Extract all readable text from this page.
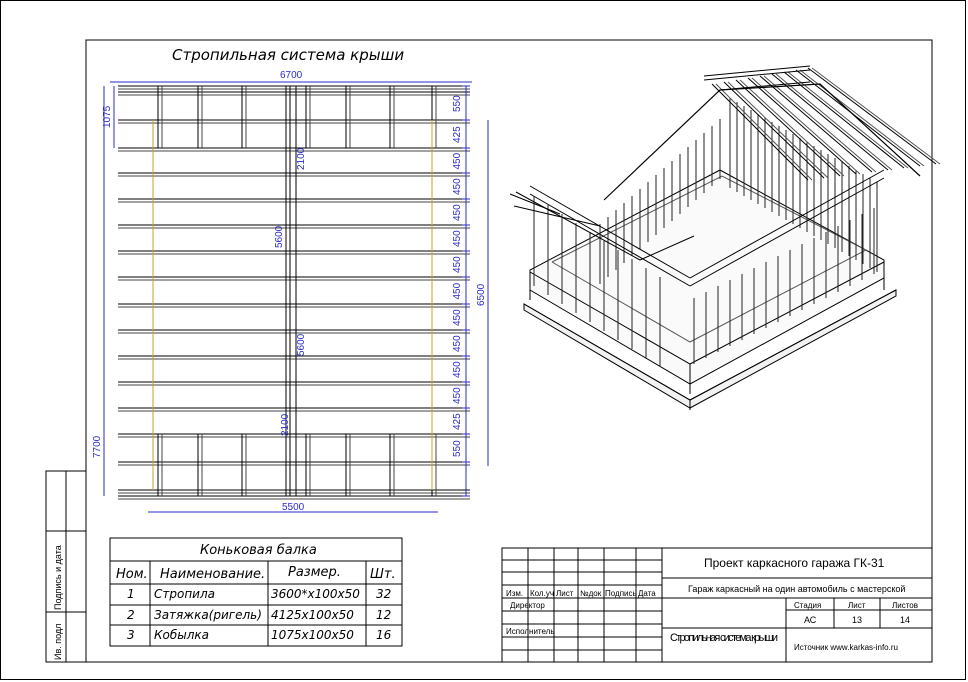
Подпись и дата
Ив. подл
Стропильная система крыши
6700
5500
1075
7700
2100
5600
5600
2100
6500
550
425
450
450
450
450
450
450
450
450
450
450
425
550
Коньковая балка
Ном. Наименование. Размер. Шт.
1 Стропила	3600*x100x50 32
2 Затяжка(ригель) 4125x100x50 12
3 Кобылка	1075x100x50 16
Проект каркасного гаража ГК-31
Гараж каркасный на один автомобиль с мастерской
Изм. Кол.уч Лист №док Подпись Дата
Директор
Исполнитель
Стропильная система крыши
Стадия	Лист	Листов
АС	13	14
Источник www.karkas-info.ru
